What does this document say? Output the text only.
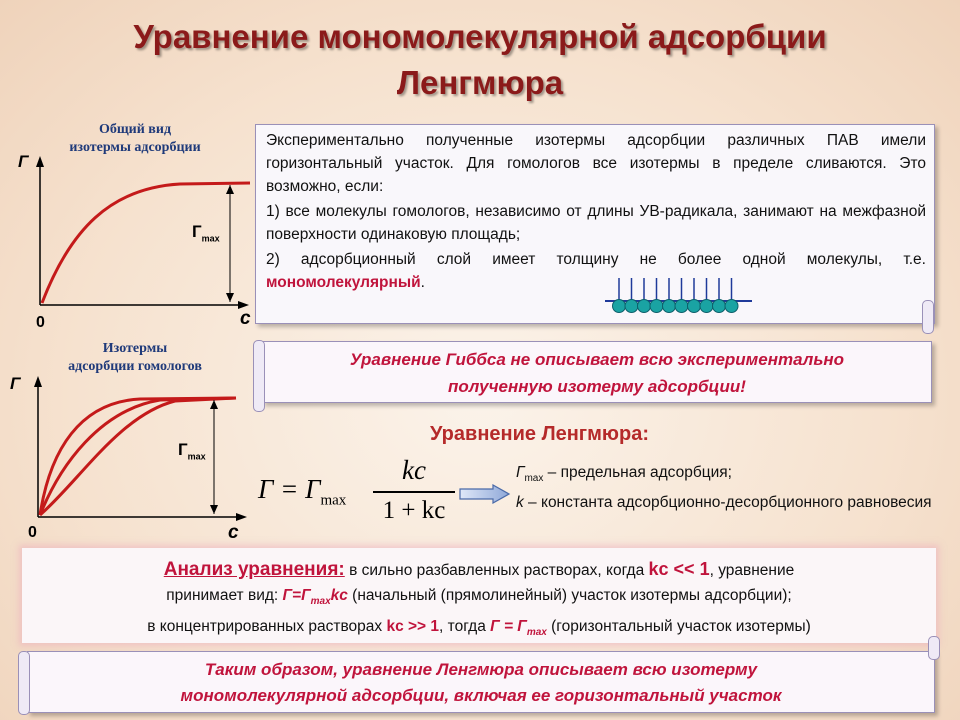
Уравнение мономолекулярной адсорбции
Ленгмюра
Общий вид
изотермы адсорбции
Г
с
0
$Г_{max}$
Изотермы
адсорбции гомологов
Г
с
0
$Г_{max}$

Экспериментально полученные изотермы адсорбции различных ПАВ имели горизонтальный участок. Для гомологов все изотермы в пределе сливаются. Это возможно, если:

1) все молекулы гомологов, независимо от длины УВ-радикала, занимают на межфазной поверхности одинаковую площадь;

2) адсорбционный слой имеет толщину не более одной молекулы, т.е. мономолекулярный.

Уравнение Гиббса не описывает всю экспериментально
полученную изотерму адсорбции!
Уравнение Ленгмюра:
$Г = Г_{max}$
kc
1 + kc
$Г_{max}$ – предельная адсорбция;
k – константа адсорбционно-десорбционного равновесия
Анализ уравнения: в сильно разбавленных растворах, когда kc << 1, уравнение
принимает вид: $Г=Г_{max}kc$ (начальный (прямолинейный) участок изотермы адсорбции);
в концентрированных растворах kc >> 1, тогда $Г = Г_{max}$ (горизонтальный участок изотермы)
Таким образом, уравнение Ленгмюра описывает всю изотерму
мономолекулярной адсорбции, включая ее горизонтальный участок
